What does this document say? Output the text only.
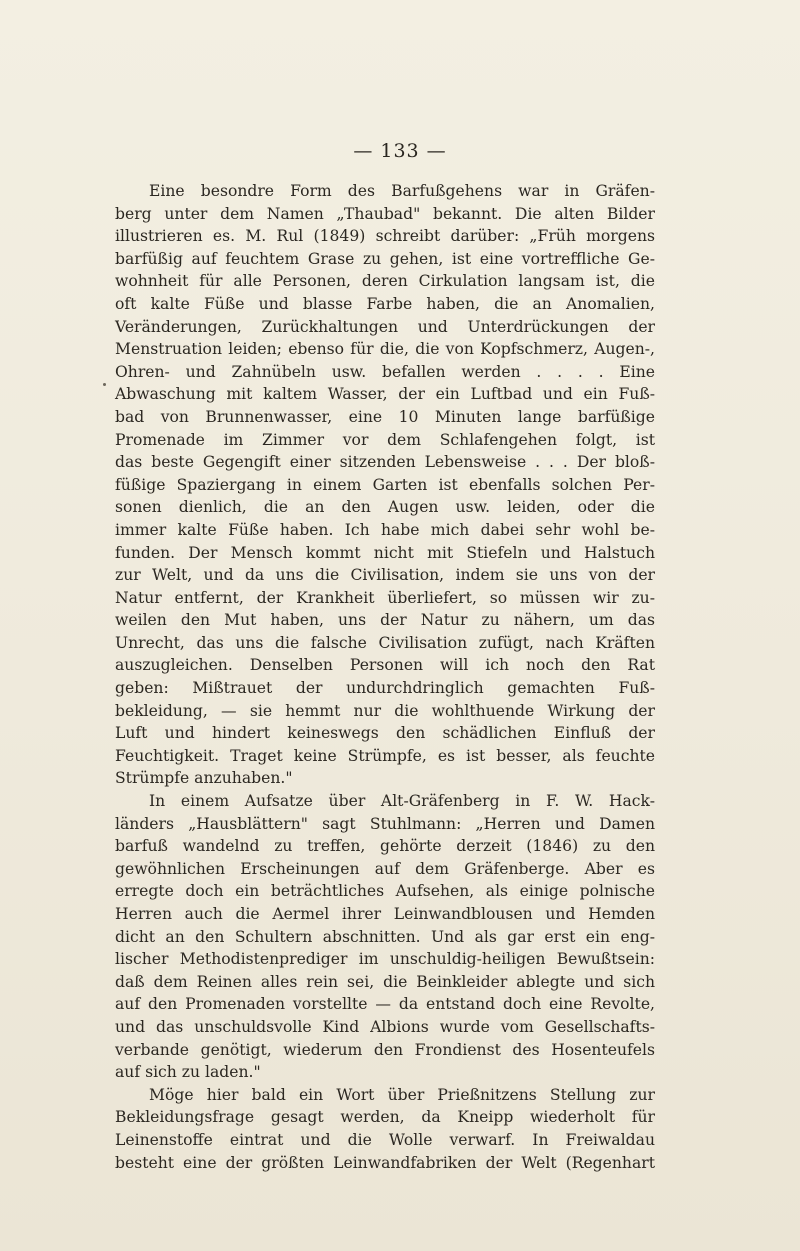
— 133 —
Eine besondre Form des Barfußgehens war in Gräfen-
berg unter dem Namen „Thaubad" bekannt. Die alten Bilder
illustrieren es. M. Rul (1849) schreibt darüber: „Früh morgens
barfüßig auf feuchtem Grase zu gehen, ist eine vortreffliche Ge-
wohnheit für alle Personen, deren Cirkulation langsam ist, die
oft kalte Füße und blasse Farbe haben, die an Anomalien,
Veränderungen, Zurückhaltungen und Unterdrückungen der
Menstruation leiden; ebenso für die, die von Kopfschmerz, Augen-,
Ohren- und Zahnübeln usw. befallen werden . . . . Eine
Abwaschung mit kaltem Wasser, der ein Luftbad und ein Fuß-
bad von Brunnenwasser, eine 10 Minuten lange barfüßige
Promenade im Zimmer vor dem Schlafengehen folgt, ist
das beste Gegengift einer sitzenden Lebensweise . . . Der bloß-
füßige Spaziergang in einem Garten ist ebenfalls solchen Per-
sonen dienlich, die an den Augen usw. leiden, oder die
immer kalte Füße haben. Ich habe mich dabei sehr wohl be-
funden. Der Mensch kommt nicht mit Stiefeln und Halstuch
zur Welt, und da uns die Civilisation, indem sie uns von der
Natur entfernt, der Krankheit überliefert, so müssen wir zu-
weilen den Mut haben, uns der Natur zu nähern, um das
Unrecht, das uns die falsche Civilisation zufügt, nach Kräften
auszugleichen. Denselben Personen will ich noch den Rat
geben: Mißtrauet der undurchdringlich gemachten Fuß-
bekleidung, — sie hemmt nur die wohlthuende Wirkung der
Luft und hindert keineswegs den schädlichen Einfluß der
Feuchtigkeit. Traget keine Strümpfe, es ist besser, als feuchte
Strümpfe anzuhaben."
In einem Aufsatze über Alt-Gräfenberg in F. W. Hack-
länders „Hausblättern" sagt Stuhlmann: „Herren und Damen
barfuß wandelnd zu treffen, gehörte derzeit (1846) zu den
gewöhnlichen Erscheinungen auf dem Gräfenberge. Aber es
erregte doch ein beträchtliches Aufsehen, als einige polnische
Herren auch die Aermel ihrer Leinwandblousen und Hemden
dicht an den Schultern abschnitten. Und als gar erst ein eng-
lischer Methodistenprediger im unschuldig-heiligen Bewußtsein:
daß dem Reinen alles rein sei, die Beinkleider ablegte und sich
auf den Promenaden vorstellte — da entstand doch eine Revolte,
und das unschuldsvolle Kind Albions wurde vom Gesellschafts-
verbande genötigt, wiederum den Frondienst des Hosenteufels
auf sich zu laden."
Möge hier bald ein Wort über Prießnitzens Stellung zur
Bekleidungsfrage gesagt werden, da Kneipp wiederholt für
Leinenstoffe eintrat und die Wolle verwarf. In Freiwaldau
besteht eine der größten Leinwandfabriken der Welt (Regenhart
